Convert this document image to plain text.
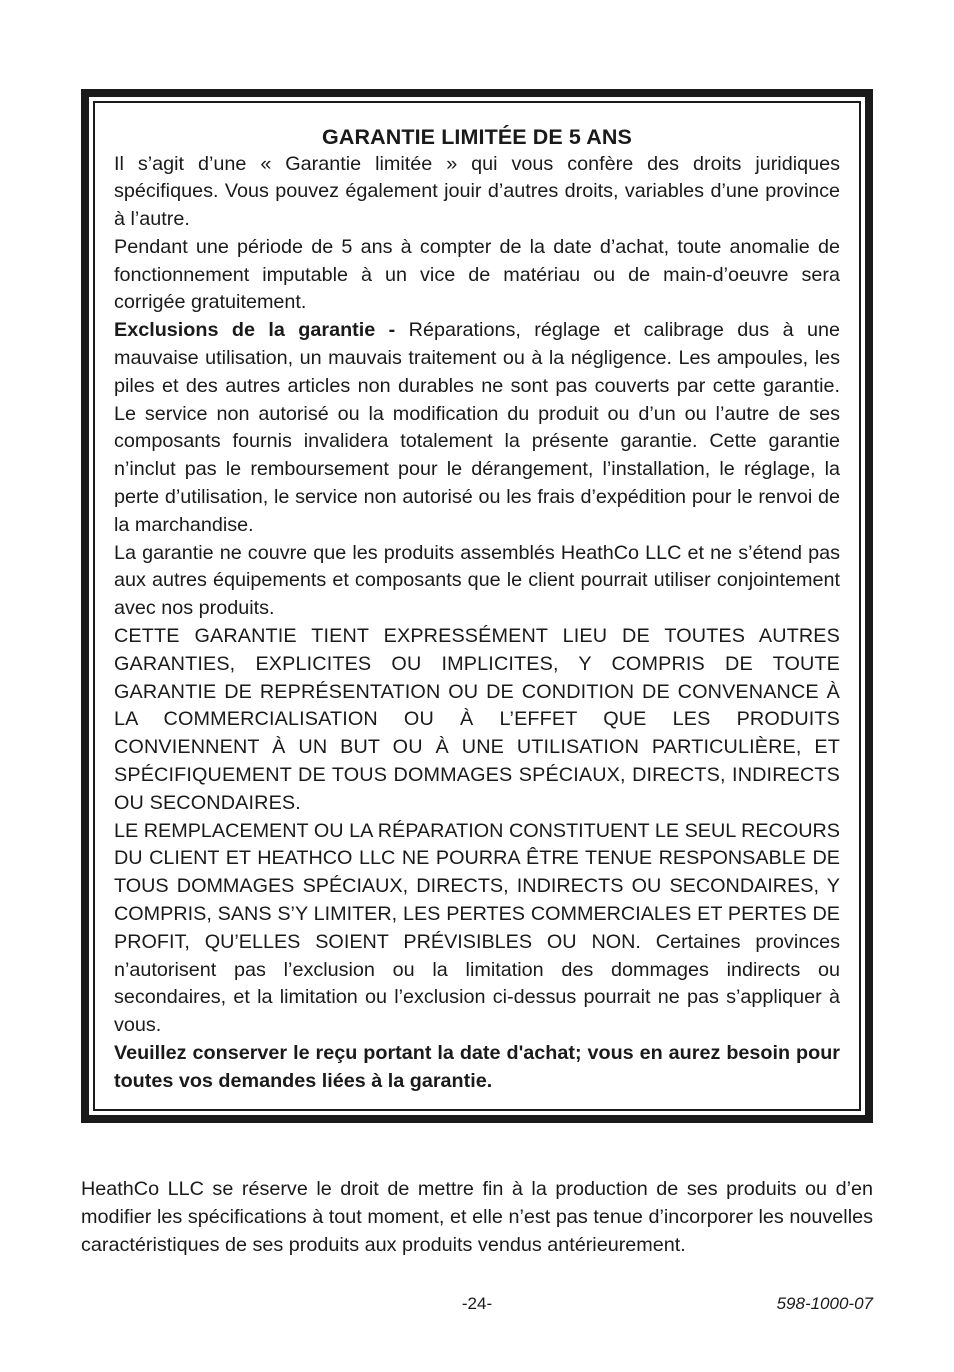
GARANTIE LIMITÉE DE 5 ANS

Il s’agit d’une « Garantie limitée » qui vous confère des droits juridiques spécifiques. Vous pouvez également jouir d’autres droits, variables d’une province à l’autre.

Pendant une période de 5 ans à compter de la date d’achat, toute anomalie de fonctionnement imputable à un vice de matériau ou de main-d’oeuvre sera corrigée gratuitement.

Exclusions de la garantie - Réparations, réglage et calibrage dus à une mauvaise utilisation, un mauvais traitement ou à la négligence. Les ampoules, les piles et des autres articles non durables ne sont pas couverts par cette garantie. Le service non autorisé ou la modification du produit ou d’un ou l’autre de ses composants fournis invalidera totalement la présente garantie. Cette garantie n’inclut pas le remboursement pour le dérangement, l’installation, le réglage, la perte d’utilisation, le service non autorisé ou les frais d’expédition pour le renvoi de la marchandise.

La garantie ne couvre que les produits assemblés HeathCo LLC et ne s’étend pas aux autres équipements et composants que le client pourrait utiliser conjointement avec nos produits.

CETTE GARANTIE TIENT EXPRESSÉMENT LIEU DE TOUTES AUTRES GARANTIES, EXPLICITES OU IMPLICITES, Y COMPRIS DE TOUTE GARANTIE DE REPRÉSENTATION OU DE CONDITION DE CONVENANCE À LA COMMERCIALISATION OU À L’EFFET QUE LES PRODUITS CONVIENNENT À UN BUT OU À UNE UTILISATION PARTICULIÈRE, ET SPÉCIFIQUEMENT DE TOUS DOMMAGES SPÉCIAUX, DIRECTS, INDIRECTS OU SECONDAIRES.

LE REMPLACEMENT OU LA RÉPARATION CONSTITUENT LE SEUL RECOURS DU CLIENT ET HEATHCO LLC NE POURRA ÊTRE TENUE RESPONSABLE DE TOUS DOMMAGES SPÉCIAUX, DIRECTS, INDIRECTS OU SECONDAIRES, Y COMPRIS, SANS S’Y LIMITER, LES PERTES COMMERCIALES ET PERTES DE PROFIT, QU’ELLES SOIENT PRÉVISIBLES OU NON. Certaines provinces n’autorisent pas l’exclusion ou la limitation des dommages indirects ou secondaires, et la limitation ou l’exclusion ci-dessus pourrait ne pas s’appliquer à vous.

Veuillez conserver le reçu portant la date d'achat; vous en aurez besoin pour toutes vos demandes liées à la garantie.

HeathCo LLC se réserve le droit de mettre fin à la production de ses produits ou d’en modifier les spécifications à tout moment, et elle n’est pas tenue d’incorporer les nouvelles caractéristiques de ses produits aux produits vendus antérieurement.

-24-	598-1000-07
